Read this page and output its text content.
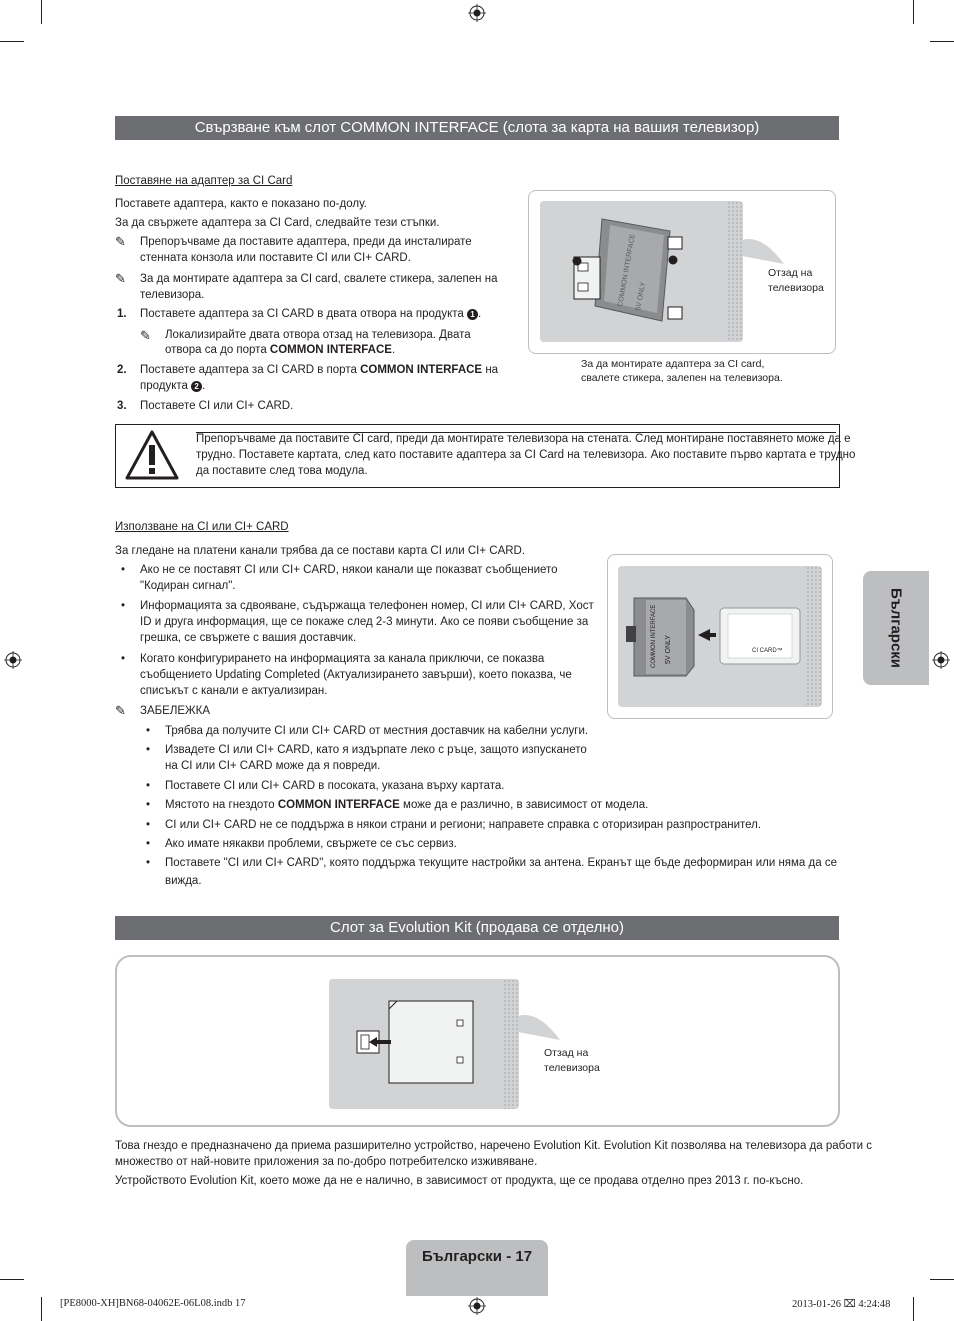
Свързване към слот COMMON INTERFACE (слота за карта на вашия телевизор)
Поставяне на адаптер за CI Card
Поставете адаптера, както е показано по-долу.
За да свържете адаптера за CI Card, следвайте тези стъпки.
✎ Препоръчваме да поставите адаптера, преди да инсталирате
стенната конзола или поставите CI или CI+ CARD.
✎ За да монтирате адаптера за CI card, свалете стикера, залепен на
телевизора.
1. Поставете адаптера за CI CARD в двата отвора на продукта 1 .
✎ Локализирайте двата отвора отзад на телевизора. Двата
отвора са до порта COMMON INTERFACE.
2. Поставете адаптера за CI CARD в порта COMMON INTERFACE на
продукта 2 .
3. Поставете CI или CI+ CARD.
COMMON INTERFACE
5V ONLY
Отзад на
телевизора
За да монтирате адаптера за CI card,
свалете стикера, залепен на телевизора.
Препоръчваме да поставите CI card, преди да монтирате телевизора на стената. След монтиране поставянето може да е
трудно. Поставете картата, след като поставите адаптера за CI Card на телевизора. Ако поставите първо картата е трудно
да поставите след това модула.
Използване на CI или CI+ CARD
За гледане на платени канали трябва да се постави карта CI или CI+ CARD.
• Ако не се поставят CI или CI+ CARD, някои канали ще показват съобщението
"Кодиран сигнал".
• Информацията за сдвояване, съдържаща телефонен номер, CI или CI+ CARD, Хост
ID и друга информация, ще се покаже след 2-3 минути. Ако се появи съобщение за
грешка, се свържете с вашия доставчик.
• Когато конфигурирането на информацията за канала приключи, се показва
съобщението Updating Completed (Актуализирането завърши), което показва, че
списъкът с канали е актуализиран.
✎ ЗАБЕЛЕЖКА
• Трябва да получите CI или CI+ CARD от местния доставчик на кабелни услуги.
• Извадете CI или CI+ CARD, като я издърпате леко с ръце, защото изпускането
на CI или CI+ CARD може да я повреди.
• Поставете CI или CI+ CARD в посоката, указана върху картата.
• Мястото на гнездото COMMON INTERFACE може да е различно, в зависимост от модела.
• CI или CI+ CARD не се поддържа в някои страни и региони; направете справка с оторизиран разпространител.
• Ако имате някакви проблеми, свържете се със сервиз.
• Поставете "CI или CI+ CARD", която поддържа текущите настройки за антена. Екранът ще бъде деформиран или няма да се
вижда.
COMMON INTERFACE 5V ONLY	CI CARD™
Слот за Evolution Kit (продава се отделно)
Отзад на
телевизора
Това гнездо е предназначено да приема разширително устройство, наречено Evolution Kit. Evolution Kit позволява на телевизора да работи с
множество от най-новите приложения за по-добро потребителско изживяване.
Устройството Evolution Kit, което може да не е налично, в зависимост от продукта, ще се продава отделно през 2013 г. по-късно.
Български
Български - 17
[PE8000-XH]BN68-04062E-06L08.indb 17	2013-01-26 ⌧ 4:24:48
